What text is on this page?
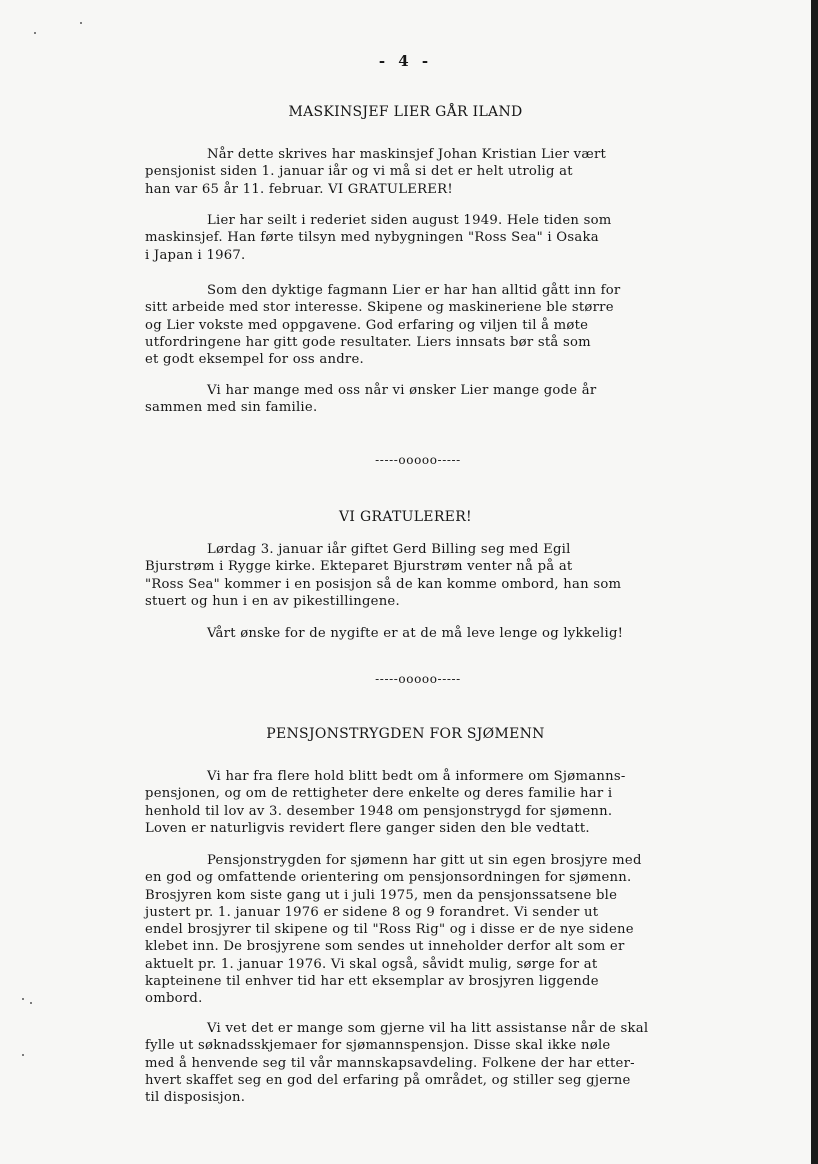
- 4 -
MASKINSJEF LIER GÅR ILAND
Når dette skrives har maskinsjef Johan Kristian Lier vært
pensjonist siden 1. januar iår og vi må si det er helt utrolig at
han var 65 år 11. februar. VI GRATULERER!
Lier har seilt i rederiet siden august 1949. Hele tiden som
maskinsjef. Han førte tilsyn med nybygningen "Ross Sea" i Osaka
i Japan i 1967.
Som den dyktige fagmann Lier er har han alltid gått inn for
sitt arbeide med stor interesse. Skipene og maskineriene ble større
og Lier vokste med oppgavene. God erfaring og viljen til å møte
utfordringene har gitt gode resultater. Liers innsats bør stå som
et godt eksempel for oss andre.
Vi har mange med oss når vi ønsker Lier mange gode år
sammen med sin familie.
-----ooooo-----
VI GRATULERER!
Lørdag 3. januar iår giftet Gerd Billing seg med Egil
Bjurstrøm i Rygge kirke. Ekteparet Bjurstrøm venter nå på at
"Ross Sea" kommer i en posisjon så de kan komme ombord, han som
stuert og hun i en av pikestillingene.
Vårt ønske for de nygifte er at de må leve lenge og lykkelig!
-----ooooo-----
PENSJONSTRYGDEN FOR SJØMENN
Vi har fra flere hold blitt bedt om å informere om Sjømanns-
pensjonen, og om de rettigheter dere enkelte og deres familie har i
henhold til lov av 3. desember 1948 om pensjonstrygd for sjømenn.
Loven er naturligvis revidert flere ganger siden den ble vedtatt.
Pensjonstrygden for sjømenn har gitt ut sin egen brosjyre med
en god og omfattende orientering om pensjonsordningen for sjømenn.
Brosjyren kom siste gang ut i juli 1975, men da pensjonssatsene ble
justert pr. 1. januar 1976 er sidene 8 og 9 forandret. Vi sender ut
endel brosjyrer til skipene og til "Ross Rig" og i disse er de nye sidene
klebet inn. De brosjyrene som sendes ut inneholder derfor alt som er
aktuelt pr. 1. januar 1976. Vi skal også, såvidt mulig, sørge for at
kapteinene til enhver tid har ett eksemplar av brosjyren liggende
ombord.
Vi vet det er mange som gjerne vil ha litt assistanse når de skal
fylle ut søknadsskjemaer for sjømannspensjon. Disse skal ikke nøle
med å henvende seg til vår mannskapsavdeling. Folkene der har etter-
hvert skaffet seg en god del erfaring på området, og stiller seg gjerne
til disposisjon.
